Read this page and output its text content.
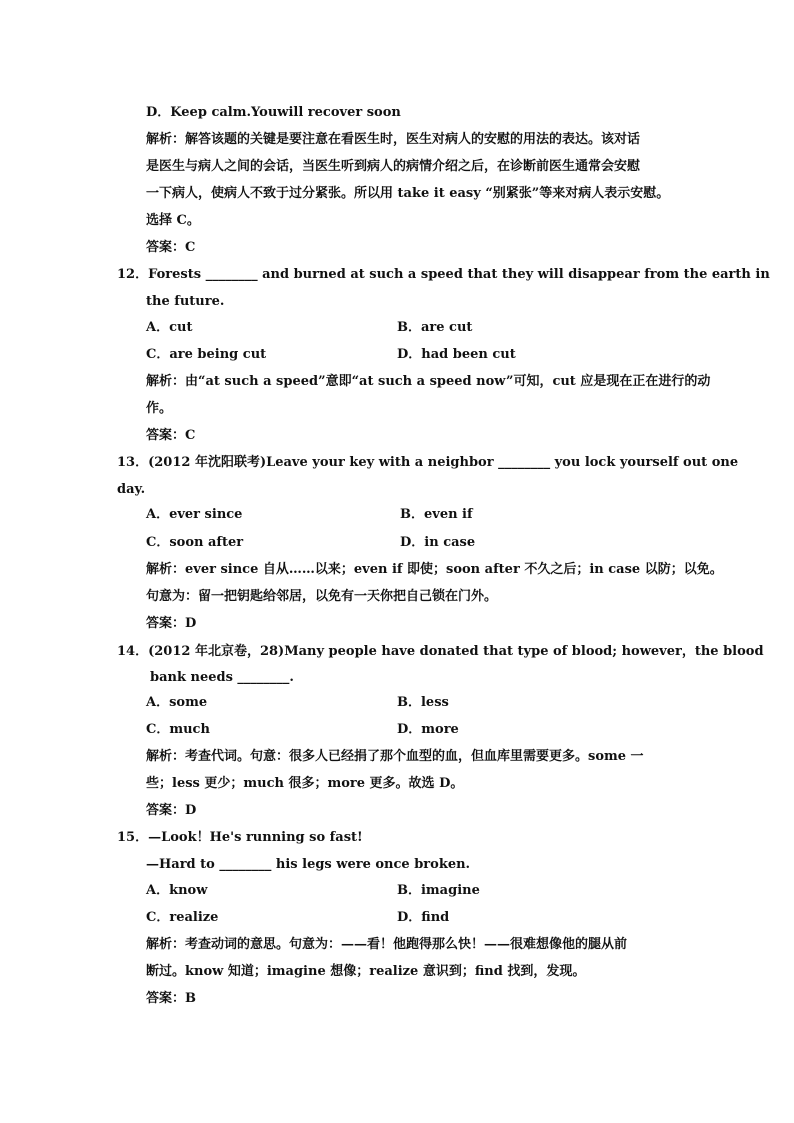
D．Keep calm.Youwill recover soon
解析：解答该题的关键是要注意在看医生时，医生对病人的安慰的用法的表达。该对话
是医生与病人之间的会话，当医生听到病人的病情介绍之后，在诊断前医生通常会安慰
一下病人，使病人不致于过分紧张。所以用 take it easy “别紧张”等来对病人表示安慰。
选择 C。
答案：C
12．Forests ________ and burned at such a speed that they will disappear from the earth in
the future.
A．cut	B．are cut
C．are being cut	D．had been cut
解析：由“at such a speed”意即“at such a speed now”可知，cut 应是现在正在进行的动
作。
答案：C
13．(2012 年沈阳联考)Leave your key with a neighbor ________ you lock yourself out one
day.
A．ever since	B．even if
C．soon after	D．in case
解析：ever since 自从……以来；even if 即使；soon after 不久之后；in case 以防；以免。
句意为：留一把钥匙给邻居，以免有一天你把自己锁在门外。
答案：D
14．(2012 年北京卷，28)Many people have donated that type of blood; however，the blood
bank needs ________.
A．some	B．less
C．much	D．more
解析：考查代词。句意：很多人已经捐了那个血型的血，但血库里需要更多。some 一
些；less 更少；much 很多；more 更多。故选 D。
答案：D
15．—Look！He's running so fast!
—Hard to ________ his legs were once broken.
A．know	B．imagine
C．realize	D．find
解析：考查动词的意思。句意为：——看！他跑得那么快！——很难想像他的腿从前
断过。know 知道；imagine 想像；realize 意识到；find 找到，发现。
答案：B
